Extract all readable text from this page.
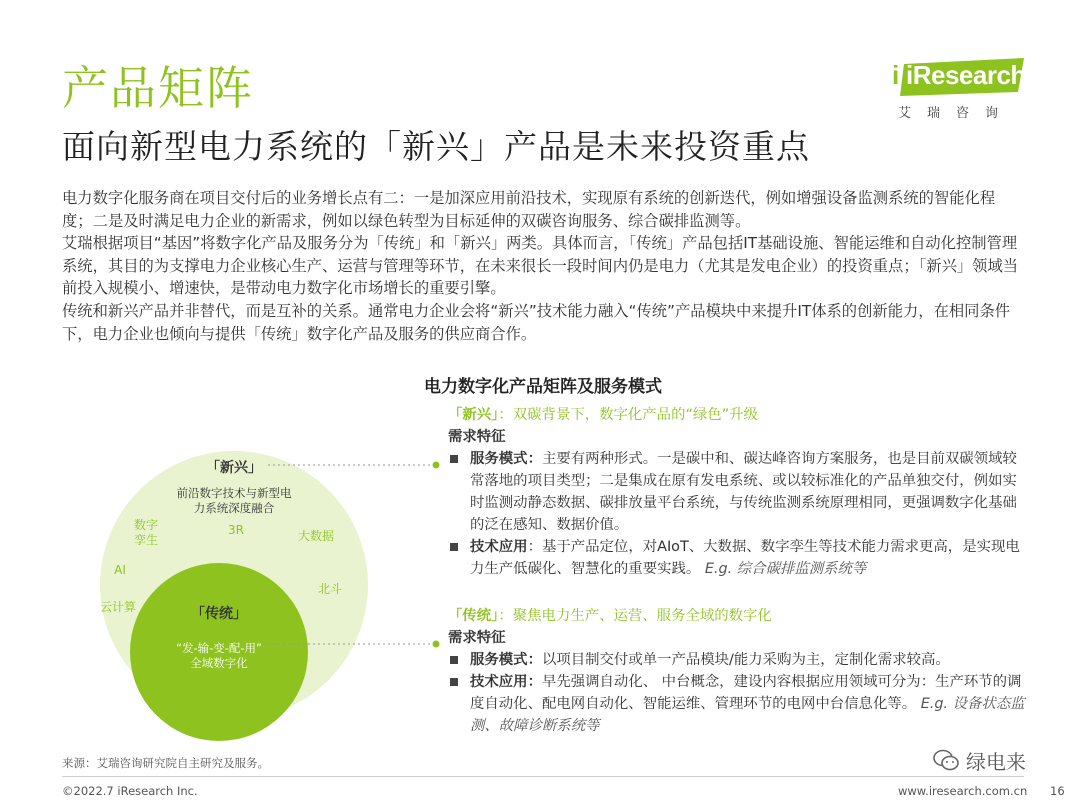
产品矩阵
面向新型电力系统的「新兴」产品是未来投资重点
i iResearch
艾瑞咨询

电力数字化服务商在项目交付后的业务增长点有二：一是加深应用前沿技术，实现原有系统的创新迭代，例如增强设备监测系统的智能化程度；二是及时满足电力企业的新需求，例如以绿色转型为目标延伸的双碳咨询服务、综合碳排监测等。

艾瑞根据项目“基因”将数字化产品及服务分为「传统」和「新兴」两类。具体而言，「传统」产品包括IT基础设施、智能运维和自动化控制管理系统，其目的为支撑电力企业核心生产、运营与管理等环节，在未来很长一段时间内仍是电力（尤其是发电企业）的投资重点；「新兴」领域当前投入规模小、增速快，是带动电力数字化市场增长的重要引擎。

传统和新兴产品并非替代，而是互补的关系。通常电力企业会将“新兴”技术能力融入“传统”产品模块中来提升IT体系的创新能力，在相同条件下，电力企业也倾向与提供「传统」数字化产品及服务的供应商合作。

电力数字化产品矩阵及服务模式
「新兴」
前沿数字技术与新型电
力系统深度融合
数字
孪生
3R	大数据
AI
北斗
云计算	「传统」
“发-输-变-配-用”
全域数字化
「新兴」：双碳背景下，数字化产品的“绿色”升级
需求特征
服务模式：主要有两种形式。一是碳中和、碳达峰咨询方案服务，也是目前双碳领域较常落地的项目类型；二是集成在原有发电系统、或以较标准化的产品单独交付，例如实时监测动静态数据、碳排放量平台系统，与传统监测系统原理相同，更强调数字化基础的泛在感知、数据价值。
技术应用：基于产品定位，对AIoT、大数据、数字孪生等技术能力需求更高，是实现电力生产低碳化、智慧化的重要实践。 E.g. 综合碳排监测系统等
「传统」：聚焦电力生产、运营、服务全域的数字化
需求特征
服务模式：以项目制交付或单一产品模块/能力采购为主，定制化需求较高。
技术应用：早先强调自动化、 中台概念，建设内容根据应用领域可分为：生产环节的调度自动化、配电网自动化、智能运维、管理环节的电网中台信息化等。 E.g. 设备状态监测、故障诊断系统等
来源：艾瑞咨询研究院自主研究及服务。
©2022.7 iResearch Inc.	www.iresearch.com.cn 16
绿电来
